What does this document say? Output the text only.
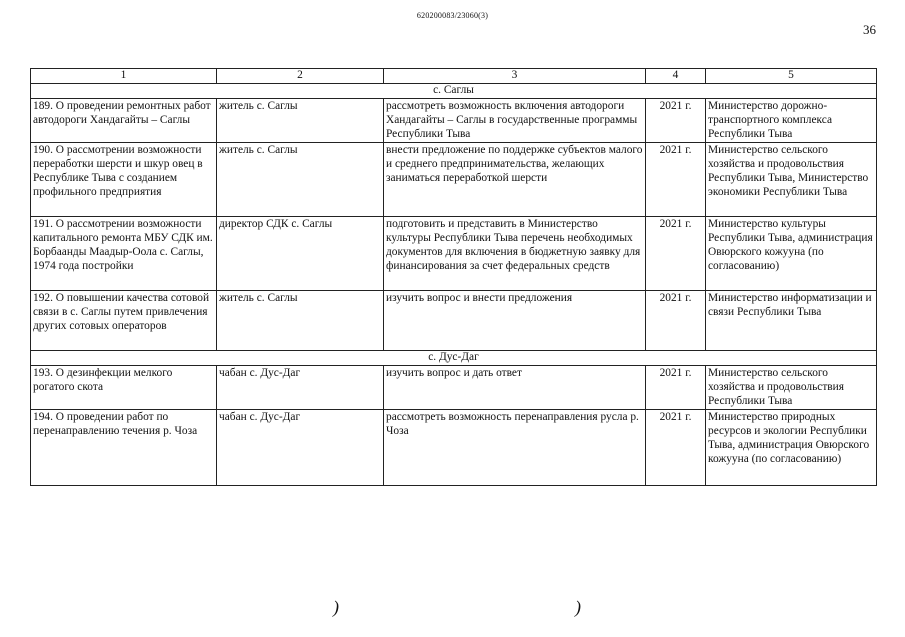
620200083/23060(3)
36
1	2	3	4	5
с. Саглы				
189. О проведении ремонтных работ автодороги Хандагайты – Саглы	житель с. Саглы	рассмотреть возможность включения автодороги Хандагайты – Саглы в государственные программы Республики Тыва	2021 г.	Министерство дорожно-транспортного комплекса Республики Тыва
190. О рассмотрении возможности переработки шерсти и шкур овец в Республике Тыва с созданием профильного предприятия	житель с. Саглы	внести предложение по поддержке субъектов малого и среднего предпринимательства, желающих заниматься переработкой шерсти	2021 г.	Министерство сельского хозяйства и продовольствия Республики Тыва, Министерство экономики Республики Тыва
191. О рассмотрении возможности капитального ремонта МБУ СДК им. Борбаанды Маадыр-Оола с. Саглы, 1974 года постройки	директор СДК с. Саглы	подготовить и представить в Министерство культуры Республики Тыва перечень необходимых документов для включения в бюджетную заявку для финансирования за счет федеральных средств	2021 г.	Министерство культуры Республики Тыва, администрация Овюрского кожууна (по согласованию)
192. О повышении качества сотовой связи в с. Саглы путем привлечения других сотовых операторов	житель с. Саглы	изучить вопрос и внести предложения	2021 г.	Министерство информатизации и связи Республики Тыва
с. Дус-Даг				
193. О дезинфекции мелкого рогатого скота	чабан с. Дус-Даг	изучить вопрос и дать ответ	2021 г.	Министерство сельского хозяйства и продовольствия Республики Тыва
194. О проведении работ по перенаправлению течения р. Чоза	чабан с. Дус-Даг	рассмотреть возможность перенаправления русла р. Чоза	2021 г.	Министерство природных ресурсов и экологии Республики Тыва, администрация Овюрского кожууна (по согласованию)
)	)
